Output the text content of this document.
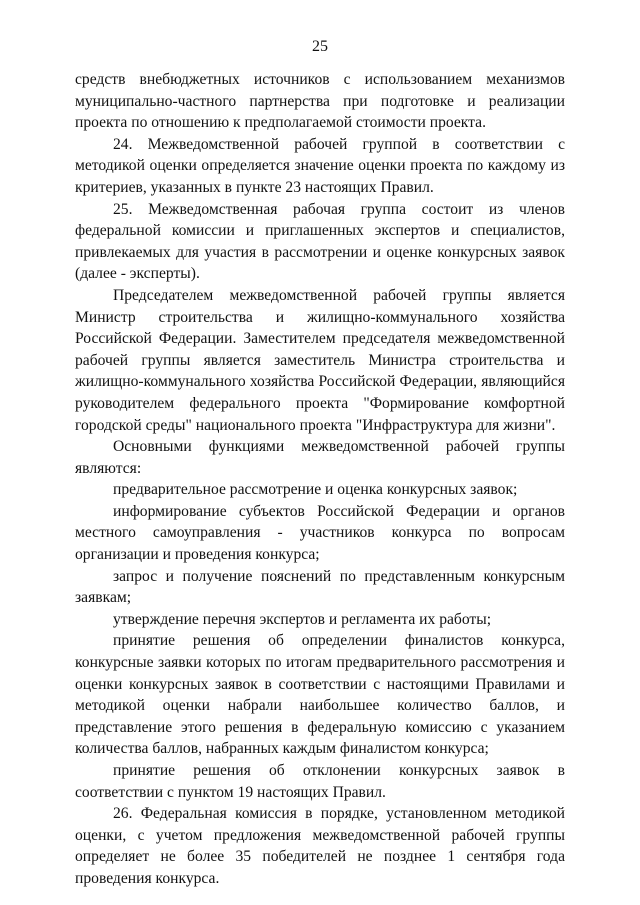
25

средств внебюджетных источников с использованием механизмов муниципально-частного партнерства при подготовке и реализации проекта по отношению к предполагаемой стоимости проекта.

24. Межведомственной рабочей группой в соответствии с методикой оценки определяется значение оценки проекта по каждому из критериев, указанных в пункте 23 настоящих Правил.

25. Межведомственная рабочая группа состоит из членов федеральной комиссии и приглашенных экспертов и специалистов, привлекаемых для участия в рассмотрении и оценке конкурсных заявок (далее - эксперты).

Председателем межведомственной рабочей группы является Министр строительства и жилищно-коммунального хозяйства Российской Федерации. Заместителем председателя межведомственной рабочей группы является заместитель Министра строительства и жилищно-коммунального хозяйства Российской Федерации, являющийся руководителем федерального проекта "Формирование комфортной городской среды" национального проекта "Инфраструктура для жизни".

Основными функциями межведомственной рабочей группы являются:

предварительное рассмотрение и оценка конкурсных заявок;

информирование субъектов Российской Федерации и органов местного самоуправления - участников конкурса по вопросам организации и проведения конкурса;

запрос и получение пояснений по представленным конкурсным заявкам;

утверждение перечня экспертов и регламента их работы;

принятие решения об определении финалистов конкурса, конкурсные заявки которых по итогам предварительного рассмотрения и оценки конкурсных заявок в соответствии с настоящими Правилами и методикой оценки набрали наибольшее количество баллов, и представление этого решения в федеральную комиссию с указанием количества баллов, набранных каждым финалистом конкурса;

принятие решения об отклонении конкурсных заявок в соответствии с пунктом 19 настоящих Правил.

26. Федеральная комиссия в порядке, установленном методикой оценки, с учетом предложения межведомственной рабочей группы определяет не более 35 победителей не позднее 1 сентября года проведения конкурса.
